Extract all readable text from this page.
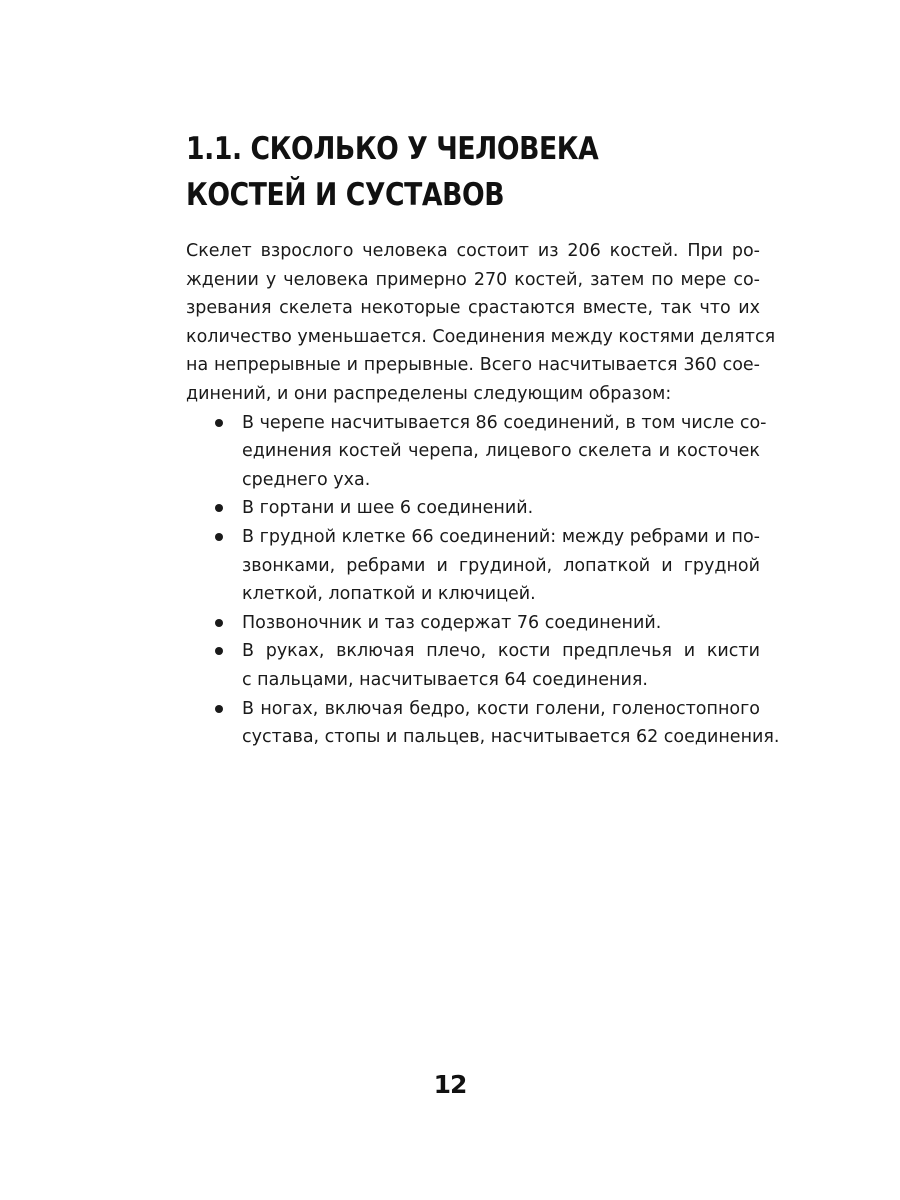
1.1. СКОЛЬКО У ЧЕЛОВЕКА
КОСТЕЙ И СУСТАВОВ

Скелет взрослого человека состоит из 206 костей. При ро-
ждении у человека примерно 270 костей, затем по мере со-
зревания скелета некоторые срастаются вместе, так что их
количество уменьшается. Соединения между костями делятся
на непрерывные и прерывные. Всего насчитывается 360 сое-
динений, и они распределены следующим образом:

В черепе насчитывается 86 соединений, в том числе со-
единения костей черепа, лицевого скелета и косточек
среднего уха.
В гортани и шее 6 соединений.
В грудной клетке 66 соединений: между ребрами и по-
звонками, ребрами и грудиной, лопаткой и грудной
клеткой, лопаткой и ключицей.
Позвоночник и таз содержат 76 соединений.
В руках, включая плечо, кости предплечья и кисти
с пальцами, насчитывается 64 соединения.
В ногах, включая бедро, кости голени, голеностопного
сустава, стопы и пальцев, насчитывается 62 соединения.
12
